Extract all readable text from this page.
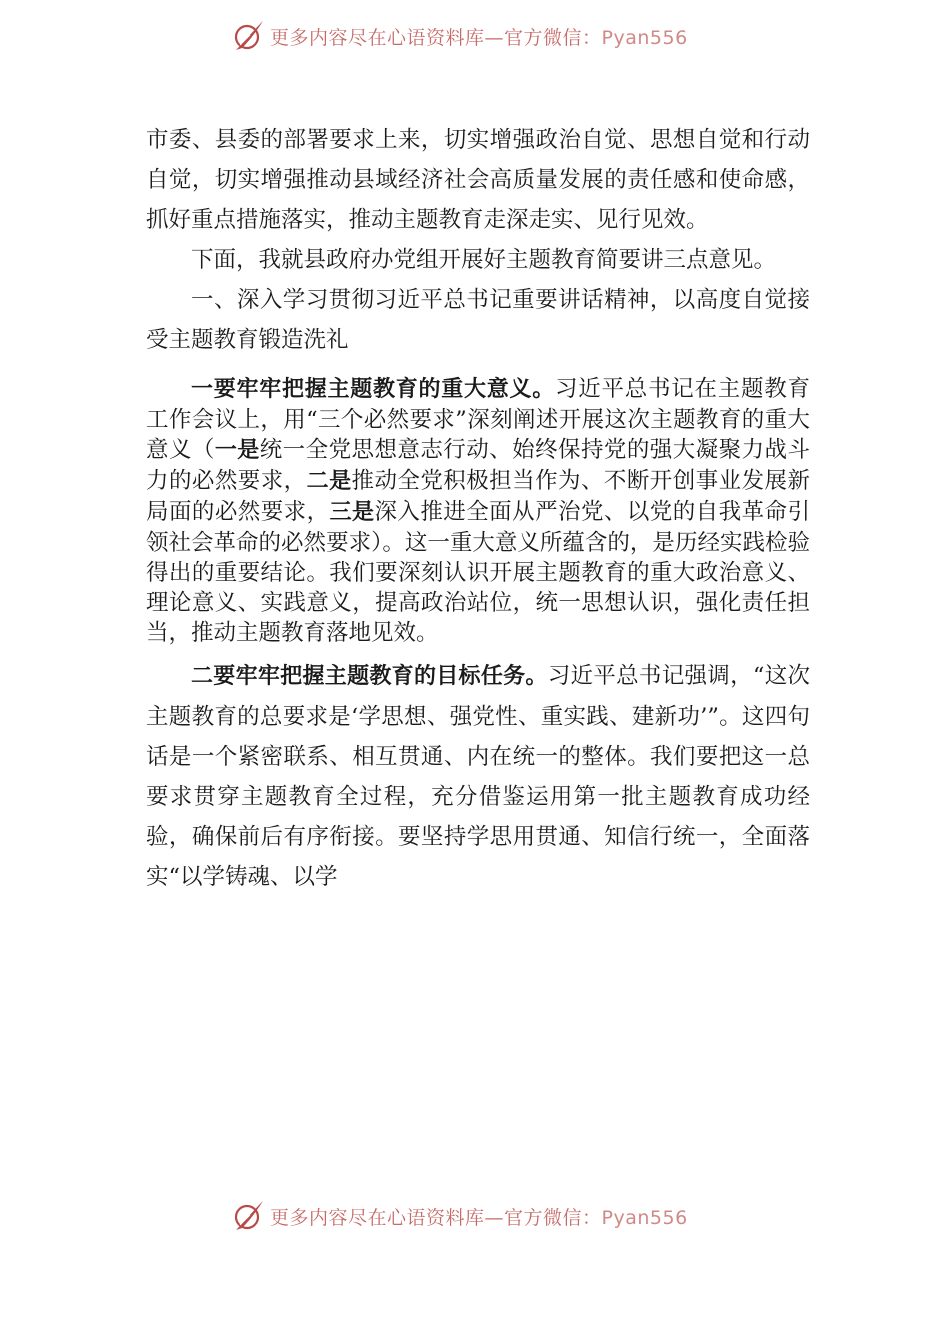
更多内容尽在心语资料库—官方微信：Pyan556

市委、县委的部署要求上来，切实增强政治自觉、思想自觉和行动自觉，切实增强推动县域经济社会高质量发展的责任感和使命感，抓好重点措施落实，推动主题教育走深走实、见行见效。

下面，我就县政府办党组开展好主题教育简要讲三点意见。

一、深入学习贯彻习近平总书记重要讲话精神，以高度自觉接受主题教育锻造洗礼

一要牢牢把握主题教育的重大意义。习近平总书记在主题教育工作会议上，用“三个必然要求”深刻阐述开展这次主题教育的重大意义（一是统一全党思想意志行动、始终保持党的强大凝聚力战斗力的必然要求，二是推动全党积极担当作为、不断开创事业发展新局面的必然要求，三是深入推进全面从严治党、以党的自我革命引领社会革命的必然要求）。这一重大意义所蕴含的，是历经实践检验得出的重要结论。我们要深刻认识开展主题教育的重大政治意义、理论意义、实践意义，提高政治站位，统一思想认识，强化责任担当，推动主题教育落地见效。

二要牢牢把握主题教育的目标任务。习近平总书记强调，“这次主题教育的总要求是‘学思想、强党性、重实践、建新功’”。这四句话是一个紧密联系、相互贯通、内在统一的整体。我们要把这一总要求贯穿主题教育全过程，充分借鉴运用第一批主题教育成功经验，确保前后有序衔接。要坚持学思用贯通、知信行统一，全面落实“以学铸魂、以学

更多内容尽在心语资料库—官方微信：Pyan556
